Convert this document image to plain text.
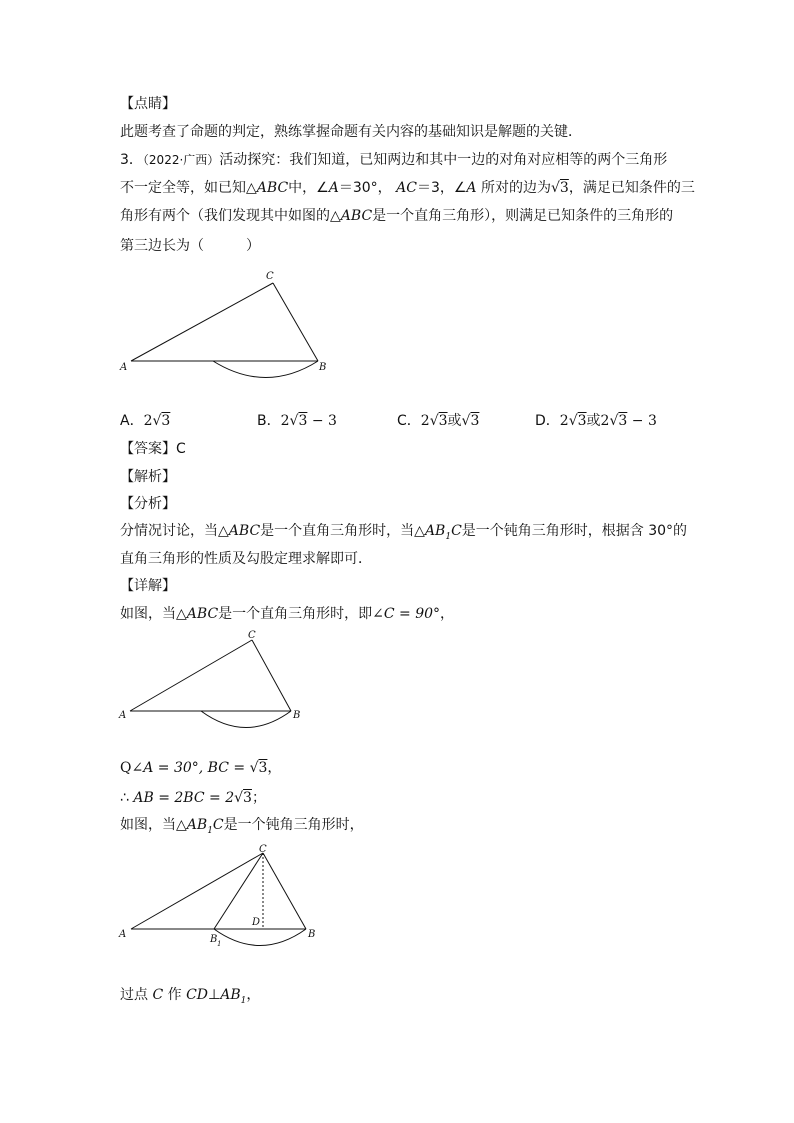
【点睛】
此题考查了命题的判定，熟练掌握命题有关内容的基础知识是解题的关键．
3．（2022·广西）活动探究：我们知道，已知两边和其中一边的对角对应相等的两个三角形
不一定全等，如已知△ABC中，∠A＝30°， AC＝3，∠A 所对的边为√3，满足已知条件的三
角形有两个（我们发现其中如图的△ABC是一个直角三角形），则满足已知条件的三角形的
第三边长为（　　　）
C
A	B
A．2√3	B．2√3 − 3	C．2√3或√3	D．2√3或2√3 − 3
【答案】C
【解析】
【分析】
分情况讨论，当△ABC是一个直角三角形时，当$\triangle AB_1C$是一个钝角三角形时，根据含 30°的
直角三角形的性质及勾股定理求解即可．
【详解】
如图，当△ABC是一个直角三角形时，即∠C = 90°，
C
A	B
Q∠A = 30°, BC = √3，
∴ AB = 2BC = 2√3；
如图，当$\triangle AB_1C$是一个钝角三角形时，
C
A	B
D
B 1
过点 C 作 $CD\perp AB_1$，
